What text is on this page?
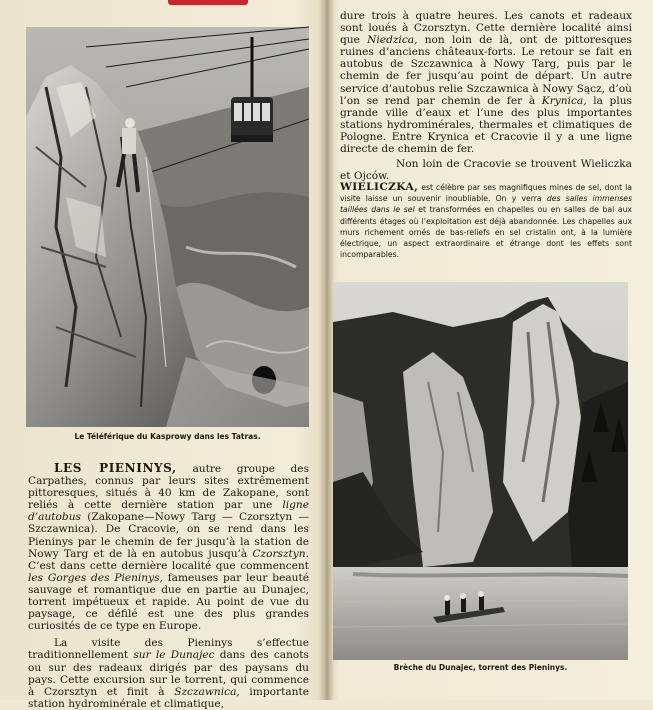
Le Téléférique du Kasprowy dans les Tatras.

LES PIENINYS, autre groupe des Carpathes, connus par leurs sites extrêmement pittoresques, situés à 40 km de Zakopane, sont reliés à cette dernière station par une ligne d’autobus (Zakopane—Nowy Targ — Czorsztyn — Szczawnica). De Cracovie, on se rend dans les Pieninys par le chemin de fer jusqu’à la station de Nowy Targ et de là en autobus jusqu’à Czorsztyn. C’est dans cette dernière localité que commencent les Gorges des Pieninys, fameuses par leur beauté sauvage et romantique due en partie au Dunajec, torrent impétueux et rapide. Au point de vue du paysage, ce défilé est une des plus grandes curiosités de ce type en Europe.

La visite des Pieninys s’effectue traditionnellement sur le Dunajec dans des canots ou sur des radeaux dirigés par des paysans du pays. Cette excursion sur le torrent, qui commence à Czorsztyn et finit à Szczawnica, importante station hydrominérale et climatique,

dure trois à quatre heures. Les canots et radeaux sont loués à Czorsztyn. Cette dernière localité ainsi que Niedzica, non loin de là, ont de pittoresques ruines d’anciens châteaux-forts. Le retour se fait en autobus de Szczawnica à Nowy Targ, puis par le chemin de fer jusqu’au point de départ. Un autre service d’autobus relie Szczawnica à Nowy Sącz, d’où l’on se rend par chemin de fer à Krynica, la plus grande ville d’eaux et l’une des plus importantes stations hydrominérales, thermales et climatiques de Pologne. Entre Krynica et Cracovie il y a une ligne directe de chemin de fer.

Non loin de Cracovie se trouvent Wieliczka et Ojców.

WIELICZKA, est célèbre par ses magnifiques mines de sel, dont la visite laisse un souvenir inoubliable. On y verra des salles immenses taillées dans le sel et transformées en chapelles ou en salles de bal aux différents étages où l’exploitation est déjà abandonnée. Les chapelles aux murs richement ornés de bas-reliefs en sel cristalin ont, à la lumière électrique, un aspect extraordinaire et étrange dont les effets sont incomparables.
Brèche du Dunajec, torrent des Pieninys.
